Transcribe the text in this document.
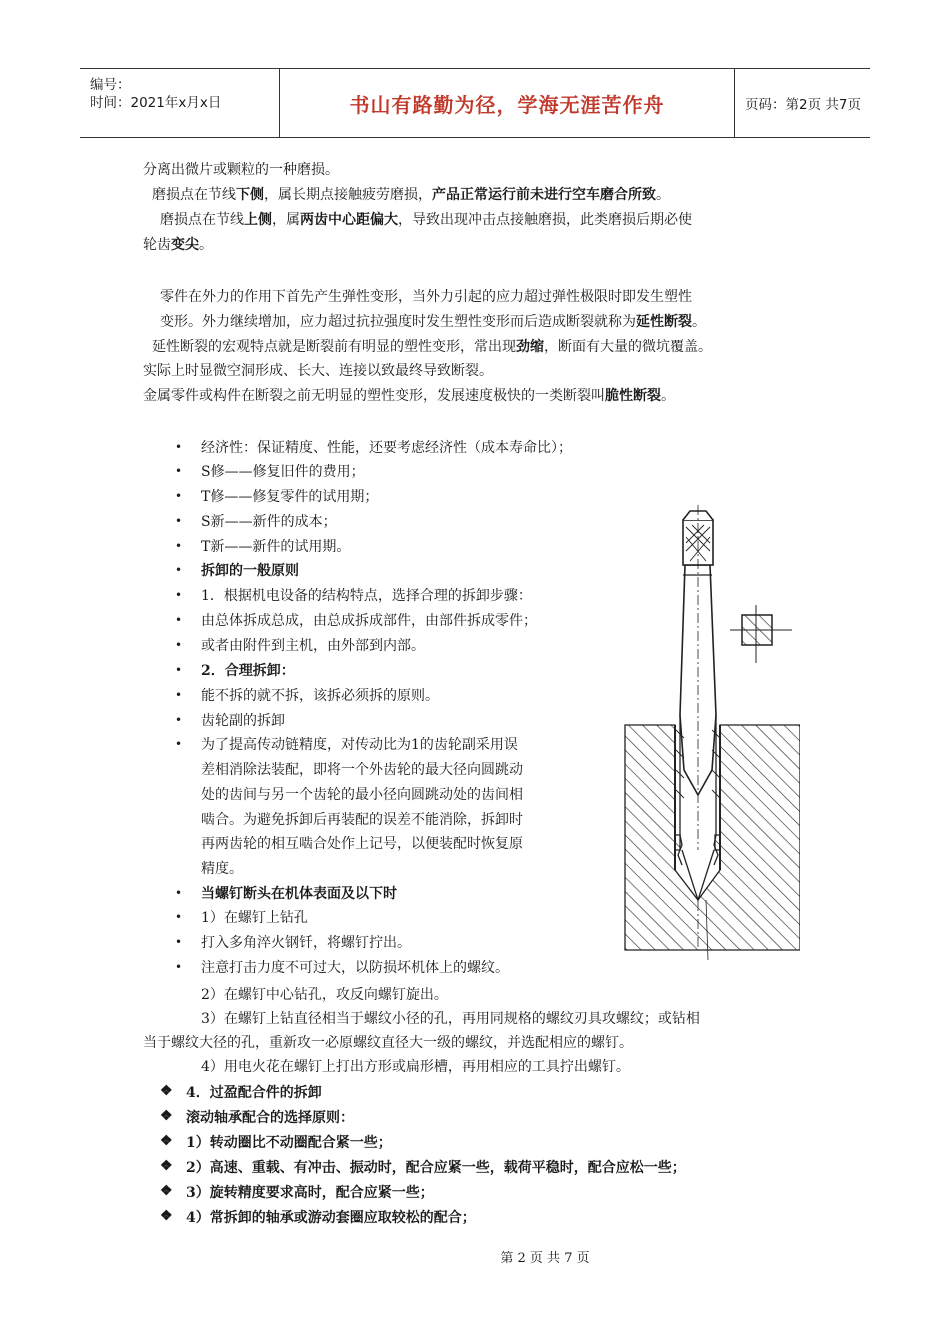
编号：
时间：2021年x月x日	书山有路勤为径，学海无涯苦作舟	页码：第2页 共7页
分离出微片或颗粒的一种磨损。
磨损点在节线下侧，属长期点接触疲劳磨损，产品正常运行前未进行空车磨合所致。
磨损点在节线上侧，属两齿中心距偏大，导致出现冲击点接触磨损，此类磨损后期必使
轮齿变尖。
零件在外力的作用下首先产生弹性变形，当外力引起的应力超过弹性极限时即发生塑性
变形。外力继续增加，应力超过抗拉强度时发生塑性变形而后造成断裂就称为延性断裂。
延性断裂的宏观特点就是断裂前有明显的塑性变形，常出现劲缩，断面有大量的微坑覆盖。
实际上时显微空洞形成、长大、连接以致最终导致断裂。
金属零件或构件在断裂之前无明显的塑性变形，发展速度极快的一类断裂叫脆性断裂。
• 经济性：保证精度、性能，还要考虑经济性（成本寿命比）；
• S修——修复旧件的费用；
• T修——修复零件的试用期；
• S新——新件的成本；
• T新——新件的试用期。
• 拆卸的一般原则
• 1．根据机电设备的结构特点，选择合理的拆卸步骤：
• 由总体拆成总成，由总成拆成部件，由部件拆成零件；
• 或者由附件到主机，由外部到内部。
• 2．合理拆卸：
• 能不拆的就不拆，该拆必须拆的原则。
• 齿轮副的拆卸
• 为了提高传动链精度，对传动比为1的齿轮副采用误
差相消除法装配，即将一个外齿轮的最大径向圆跳动
处的齿间与另一个齿轮的最小径向圆跳动处的齿间相
啮合。为避免拆卸后再装配的误差不能消除，拆卸时
再两齿轮的相互啮合处作上记号，以便装配时恢复原
精度。
• 当螺钉断头在机体表面及以下时
• 1）在螺钉上钻孔
• 打入多角淬火钢钎，将螺钉拧出。
• 注意打击力度不可过大，以防损坏机体上的螺纹。
2）在螺钉中心钻孔，攻反向螺钉旋出。
3）在螺钉上钻直径相当于螺纹小径的孔，再用同规格的螺纹刃具攻螺纹；或钻相
当于螺纹大径的孔，重新攻一必原螺纹直径大一级的螺纹，并选配相应的螺钉。
4）用电火花在螺钉上打出方形或扁形槽，再用相应的工具拧出螺钉。
❖ 4．过盈配合件的拆卸
❖ 滚动轴承配合的选择原则：
❖ 1）转动圈比不动圈配合紧一些；
❖ 2）高速、重载、有冲击、振动时，配合应紧一些，载荷平稳时，配合应松一些；
❖ 3）旋转精度要求高时，配合应紧一些；
❖ 4）常拆卸的轴承或游动套圈应取较松的配合；
第 2 页 共 7 页
